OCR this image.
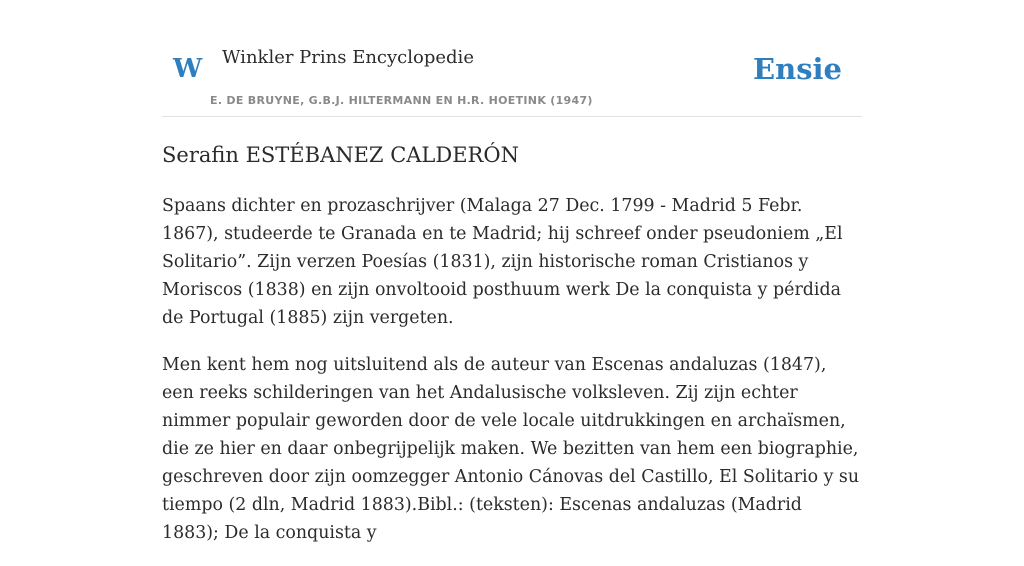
W Winkler Prins Encyclopedie
E. DE BRUYNE, G.B.J. HILTERMANN EN H.R. HOETINK (1947)
Ensie
Serafin ESTÉBANEZ CALDERÓN

Spaans dichter en prozaschrijver (Malaga 27 Dec. 1799 - Madrid 5 Febr. 1867), studeerde te Granada en te Madrid; hij schreef onder pseudoniem „El Solitario”. Zijn verzen Poesías (1831), zijn historische roman Cristianos y Moriscos (1838) en zijn onvoltooid posthuum werk De la conquista y pérdida de Portugal (1885) zijn vergeten.

Men kent hem nog uitsluitend als de auteur van Escenas andaluzas (1847), een reeks schilderingen van het Andalusische volksleven. Zij zijn echter nimmer populair geworden door de vele locale uitdrukkingen en archaïsmen, die ze hier en daar onbegrijpelijk maken. We bezitten van hem een biographie, geschreven door zijn oomzegger Antonio Cánovas del Castillo, El Solitario y su tiempo (2 dln, Madrid 1883).Bibl.: (teksten): Escenas andaluzas (Madrid 1883); De la conquista y
